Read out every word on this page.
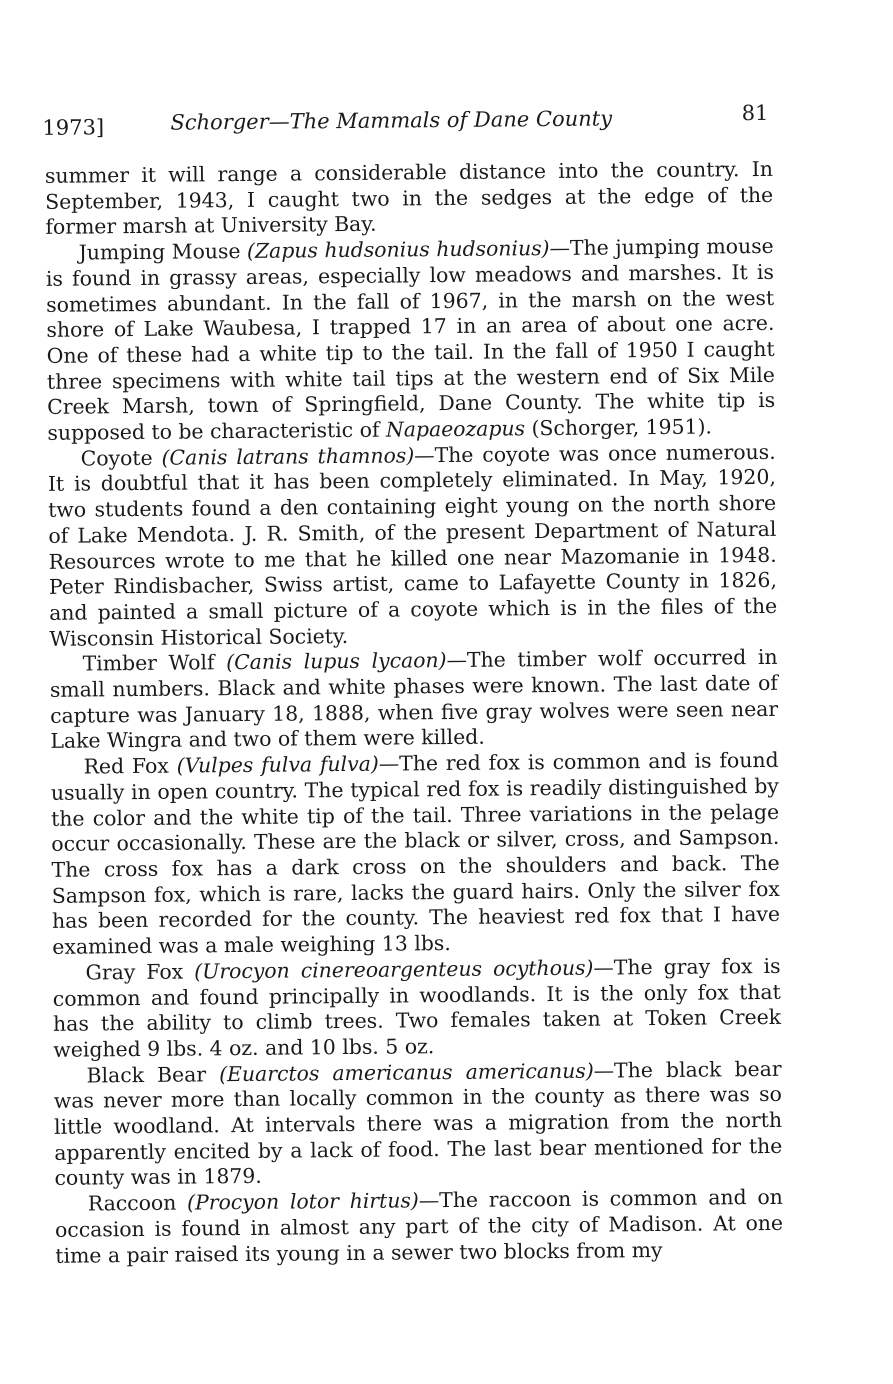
1973]	Schorger—The Mammals of Dane County	81

summer it will range a considerable distance into the country. In September, 1943, I caught two in the sedges at the edge of the former marsh at University Bay.

Jumping Mouse (Zapus hudsonius hudsonius)—The jumping mouse is found in grassy areas, especially low meadows and marshes. It is sometimes abundant. In the fall of 1967, in the marsh on the west shore of Lake Waubesa, I trapped 17 in an area of about one acre. One of these had a white tip to the tail. In the fall of 1950 I caught three specimens with white tail tips at the western end of Six Mile Creek Marsh, town of Springfield, Dane County. The white tip is supposed to be characteristic of Napaeozapus (Schorger, 1951).

Coyote (Canis latrans thamnos)—The coyote was once numerous. It is doubtful that it has been completely eliminated. In May, 1920, two students found a den containing eight young on the north shore of Lake Mendota. J. R. Smith, of the present Department of Natural Resources wrote to me that he killed one near Mazomanie in 1948. Peter Rindisbacher, Swiss artist, came to Lafayette County in 1826, and painted a small picture of a coyote which is in the files of the Wisconsin Historical Society.

Timber Wolf (Canis lupus lycaon)—The timber wolf occurred in small numbers. Black and white phases were known. The last date of capture was January 18, 1888, when five gray wolves were seen near Lake Wingra and two of them were killed.

Red Fox (Vulpes fulva fulva)—The red fox is common and is found usually in open country. The typical red fox is readily distinguished by the color and the white tip of the tail. Three variations in the pelage occur occasionally. These are the black or silver, cross, and Sampson. The cross fox has a dark cross on the shoulders and back. The Sampson fox, which is rare, lacks the guard hairs. Only the silver fox has been recorded for the county. The heaviest red fox that I have examined was a male weighing 13 lbs.

Gray Fox (Urocyon cinereoargenteus ocythous)—The gray fox is common and found principally in woodlands. It is the only fox that has the ability to climb trees. Two females taken at Token Creek weighed 9 lbs. 4 oz. and 10 lbs. 5 oz.

Black Bear (Euarctos americanus americanus)—The black bear was never more than locally common in the county as there was so little woodland. At intervals there was a migration from the north apparently encited by a lack of food. The last bear mentioned for the county was in 1879.

Raccoon (Procyon lotor hirtus)—The raccoon is common and on occasion is found in almost any part of the city of Madison. At one time a pair raised its young in a sewer two blocks from my
